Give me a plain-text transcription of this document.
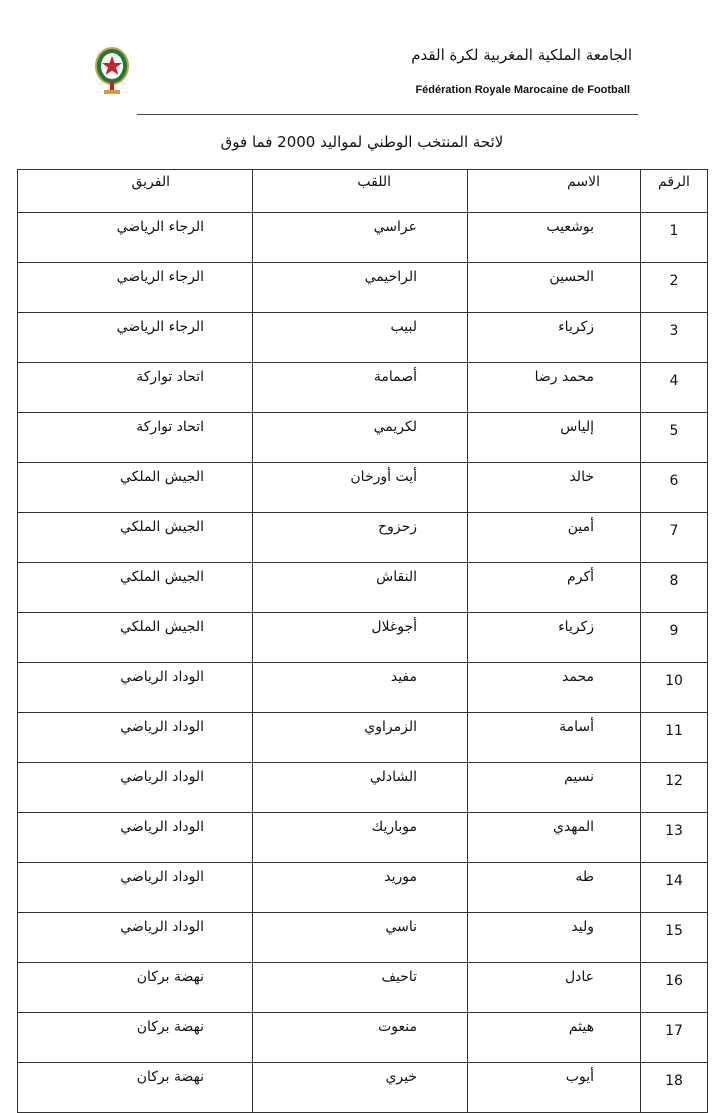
الجامعة الملكية المغربية لكرة القدم
Fédération Royale Marocaine de Football
لائحة المنتخب الوطني لمواليد 2000 فما فوق
الرقم	الاسم	اللقب	الفريق
1	بوشعيب	عراسي	الرجاء الرياضي
2	الحسين	الراحيمي	الرجاء الرياضي
3	زكرياء	لبيب	الرجاء الرياضي
4	محمد رضا	أصمامة	اتحاد تواركة
5	إلياس	لكريمي	اتحاد تواركة
6	خالد	أيت أورخان	الجيش الملكي
7	أمين	زحزوح	الجيش الملكي
8	أكرم	النقاش	الجيش الملكي
9	زكرياء	أجوغلال	الجيش الملكي
10	محمد	مفيد	الوداد الرياضي
11	أسامة	الزمراوي	الوداد الرياضي
12	نسيم	الشادلي	الوداد الرياضي
13	المهدي	موباريك	الوداد الرياضي
14	طه	موريد	الوداد الرياضي
15	وليد	ناسي	الوداد الرياضي
16	عادل	تاحيف	نهضة بركان
17	هيثم	منعوت	نهضة بركان
18	أيوب	خيري	نهضة بركان
